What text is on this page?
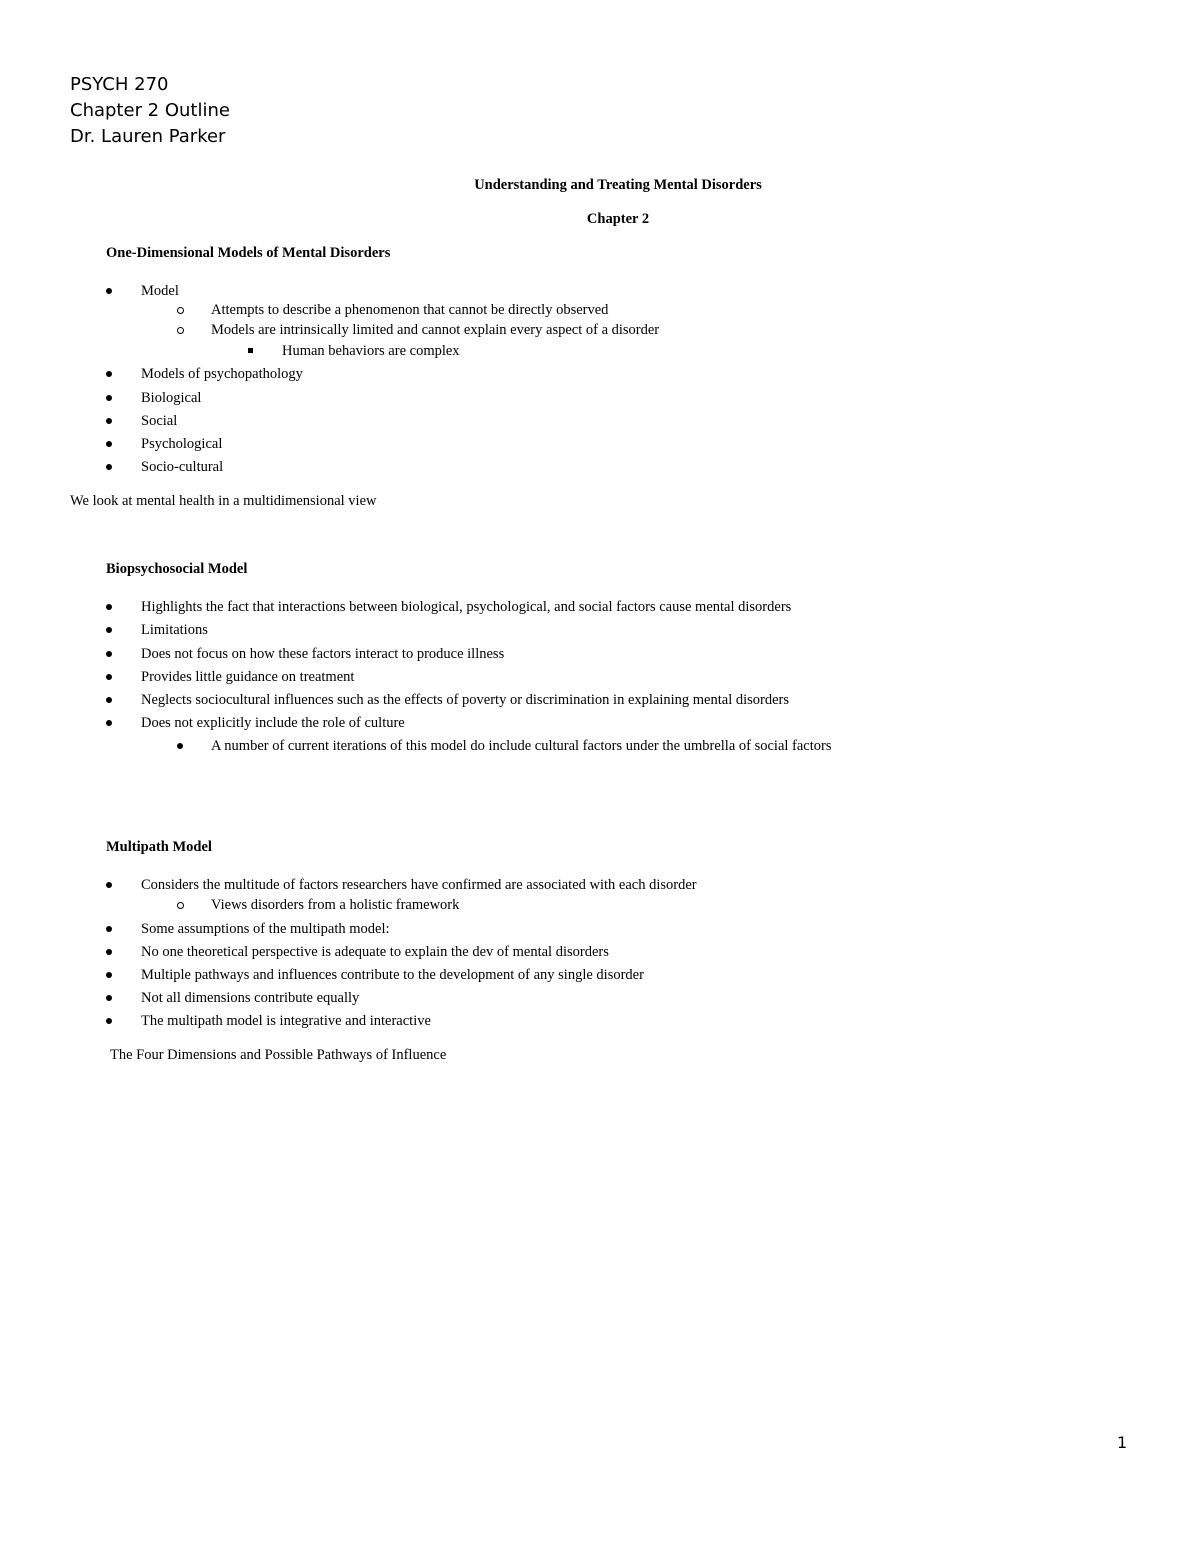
PSYCH 270
Chapter 2 Outline
Dr. Lauren Parker
Understanding and Treating Mental Disorders
Chapter 2
One-Dimensional Models of Mental Disorders
Model
Attempts to describe a phenomenon that cannot be directly observed
Models are intrinsically limited and cannot explain every aspect of a disorder
Human behaviors are complex
Models of psychopathology
Biological
Social
Psychological
Socio-cultural
We look at mental health in a multidimensional view
Biopsychosocial Model
Highlights the fact that interactions between biological, psychological, and social factors cause mental disorders
Limitations
Does not focus on how these factors interact to produce illness
Provides little guidance on treatment
Neglects sociocultural influences such as the effects of poverty or discrimination in explaining mental disorders
Does not explicitly include the role of culture
A number of current iterations of this model do include cultural factors under the umbrella of social factors
Multipath Model
Considers the multitude of factors researchers have confirmed are associated with each disorder
Views disorders from a holistic framework
Some assumptions of the multipath model:
No one theoretical perspective is adequate to explain the dev of mental disorders
Multiple pathways and influences contribute to the development of any single disorder
Not all dimensions contribute equally
The multipath model is integrative and interactive
The Four Dimensions and Possible Pathways of Influence
1
